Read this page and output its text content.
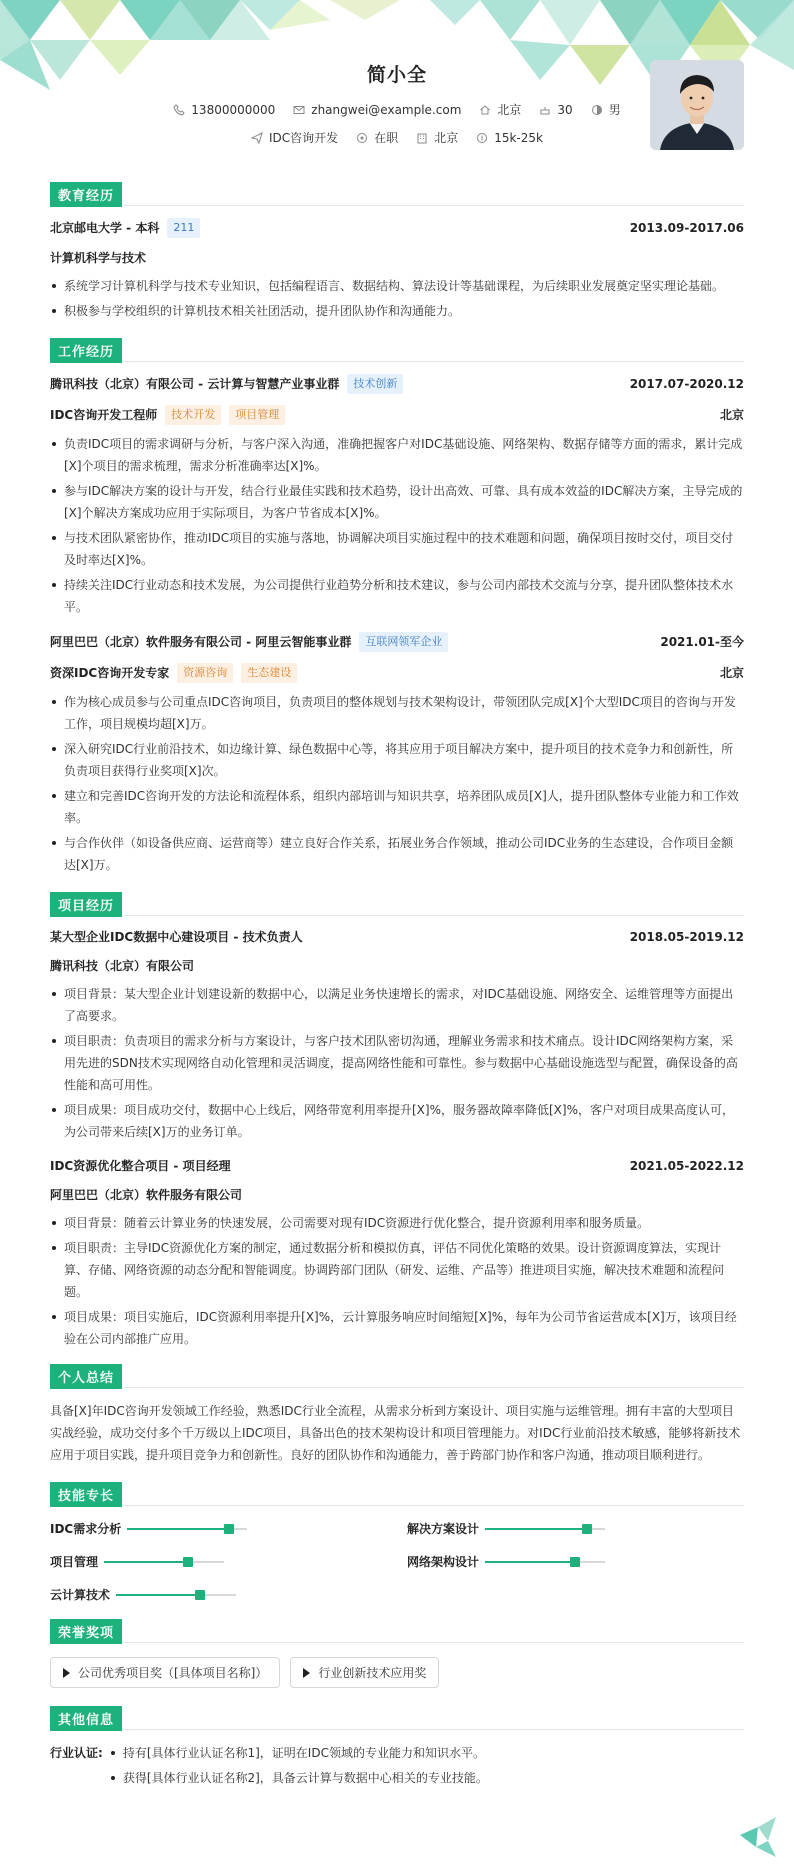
简小全
13800000000	zhangwei@example.com	北京	30	男
IDC咨询开发	在职	北京	15k-25k
教育经历
北京邮电大学 - 本科	211	2013.09-2017.06
计算机科学与技术
系统学习计算机科学与技术专业知识，包括编程语言、数据结构、算法设计等基础课程，为后续职业发展奠定坚实理论基础。
积极参与学校组织的计算机技术相关社团活动，提升团队协作和沟通能力。
工作经历
腾讯科技（北京）有限公司 - 云计算与智慧产业事业群	技术创新	2017.07-2020.12
IDC咨询开发工程师	技术开发	项目管理	北京
负责IDC项目的需求调研与分析，与客户深入沟通，准确把握客户对IDC基础设施、网络架构、数据存储等方面的需求，累计完成[X]个项目的需求梳理，需求分析准确率达[X]%。
参与IDC解决方案的设计与开发，结合行业最佳实践和技术趋势，设计出高效、可靠、具有成本效益的IDC解决方案，主导完成的[X]个解决方案成功应用于实际项目，为客户节省成本[X]%。
与技术团队紧密协作，推动IDC项目的实施与落地，协调解决项目实施过程中的技术难题和问题，确保项目按时交付，项目交付及时率达[X]%。
持续关注IDC行业动态和技术发展，为公司提供行业趋势分析和技术建议，参与公司内部技术交流与分享，提升团队整体技术水平。
阿里巴巴（北京）软件服务有限公司 - 阿里云智能事业群	互联网领军企业	2021.01-至今
资深IDC咨询开发专家	资源咨询	生态建设	北京
作为核心成员参与公司重点IDC咨询项目，负责项目的整体规划与技术架构设计，带领团队完成[X]个大型IDC项目的咨询与开发工作，项目规模均超[X]万。
深入研究IDC行业前沿技术，如边缘计算、绿色数据中心等，将其应用于项目解决方案中，提升项目的技术竞争力和创新性，所负责项目获得行业奖项[X]次。
建立和完善IDC咨询开发的方法论和流程体系，组织内部培训与知识共享，培养团队成员[X]人，提升团队整体专业能力和工作效率。
与合作伙伴（如设备供应商、运营商等）建立良好合作关系，拓展业务合作领域，推动公司IDC业务的生态建设，合作项目金额达[X]万。
项目经历
某大型企业IDC数据中心建设项目 - 技术负责人	2018.05-2019.12
腾讯科技（北京）有限公司
项目背景：某大型企业计划建设新的数据中心，以满足业务快速增长的需求，对IDC基础设施、网络安全、运维管理等方面提出了高要求。
项目职责：负责项目的需求分析与方案设计，与客户技术团队密切沟通，理解业务需求和技术痛点。设计IDC网络架构方案，采用先进的SDN技术实现网络自动化管理和灵活调度，提高网络性能和可靠性。参与数据中心基础设施选型与配置，确保设备的高性能和高可用性。
项目成果：项目成功交付，数据中心上线后，网络带宽利用率提升[X]%，服务器故障率降低[X]%，客户对项目成果高度认可，为公司带来后续[X]万的业务订单。
IDC资源优化整合项目 - 项目经理	2021.05-2022.12
阿里巴巴（北京）软件服务有限公司
项目背景：随着云计算业务的快速发展，公司需要对现有IDC资源进行优化整合，提升资源利用率和服务质量。
项目职责：主导IDC资源优化方案的制定，通过数据分析和模拟仿真，评估不同优化策略的效果。设计资源调度算法，实现计算、存储、网络资源的动态分配和智能调度。协调跨部门团队（研发、运维、产品等）推进项目实施，解决技术难题和流程问题。
项目成果：项目实施后，IDC资源利用率提升[X]%，云计算服务响应时间缩短[X]%，每年为公司节省运营成本[X]万，该项目经验在公司内部推广应用。
个人总结
具备[X]年IDC咨询开发领域工作经验，熟悉IDC行业全流程，从需求分析到方案设计、项目实施与运维管理。拥有丰富的大型项目实战经验，成功交付多个千万级以上IDC项目，具备出色的技术架构设计和项目管理能力。对IDC行业前沿技术敏感，能够将新技术应用于项目实践，提升项目竞争力和创新性。良好的团队协作和沟通能力，善于跨部门协作和客户沟通，推动项目顺利进行。
技能专长
IDC需求分析	解决方案设计
项目管理	网络架构设计
云计算技术
荣誉奖项
公司优秀项目奖（[具体项目名称]）	行业创新技术应用奖
其他信息
行业认证:	持有[具体行业认证名称1]，证明在IDC领域的专业能力和知识水平。
获得[具体行业认证名称2]，具备云计算与数据中心相关的专业技能。
